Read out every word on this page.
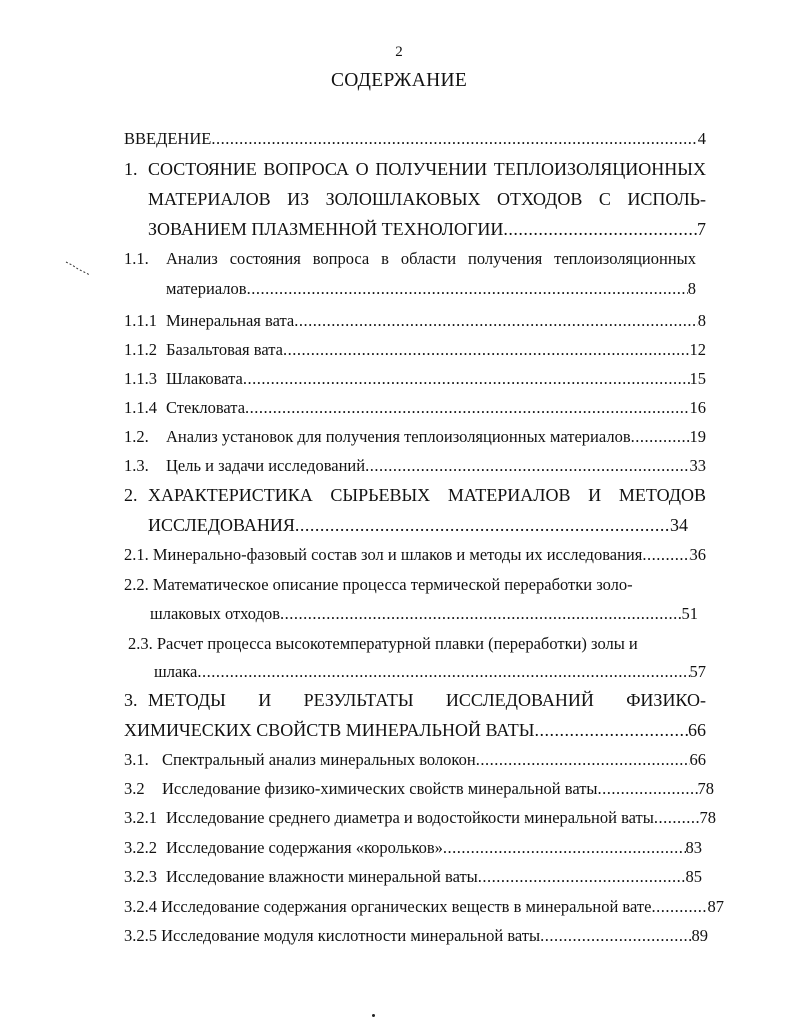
2
СОДЕРЖАНИЕ
ВВЕДЕНИЕ .....	4
1. СОСТОЯНИЕ ВОПРОСА О ПОЛУЧЕНИИ ТЕПЛОИЗОЛЯЦИОННЫХ
МАТЕРИАЛОВ ИЗ ЗОЛОШЛАКОВЫХ ОТХОДОВ С ИСПОЛЬ-
ЗОВАНИЕМ ПЛАЗМЕННОЙ ТЕХНОЛОГИИ .....	7
1.1.	Анализ состояния вопроса в области получения теплоизоляционных
материалов .....	8
1.1.1 Минеральная вата .....	8
1.1.2 Базальтовая вата .....	12
1.1.3 Шлаковата .....	15
1.1.4 Стекловата .....	16
1.2.	Анализ установок для получения теплоизоляционных материалов .....	19
1.3.	Цель и задачи исследований .....	33
2. ХАРАКТЕРИСТИКА СЫРЬЕВЫХ МАТЕРИАЛОВ И МЕТОДОВ
ИССЛЕДОВАНИЯ .....	34
2.1. Минерально-фазовый состав зол и шлаков и методы их исследования .....	36
2.2. Математическое описание процесса термической переработки золо-
шлаковых отходов .....	51
2.3. Расчет процесса высокотемпературной плавки (переработки) золы и
шлака .....	57
3. МЕТОДЫ И РЕЗУЛЬТАТЫ ИССЛЕДОВАНИЙ ФИЗИКО-
ХИМИЧЕСКИХ СВОЙСТВ МИНЕРАЛЬНОЙ ВАТЫ .....	66
3.1. Спектральный анализ минеральных волокон .....	66
3.2	Исследование физико-химических свойств минеральной ваты .....	78
3.2.1 Исследование среднего диаметра и водостойкости минеральной ваты .....	78
3.2.2 Исследование содержания «корольков» .....	83
3.2.3 Исследование влажности минеральной ваты .....	85
3.2.4 Исследование содержания органических веществ в минеральной вате .....	87
3.2.5 Исследование модуля кислотности минеральной ваты .....	89
